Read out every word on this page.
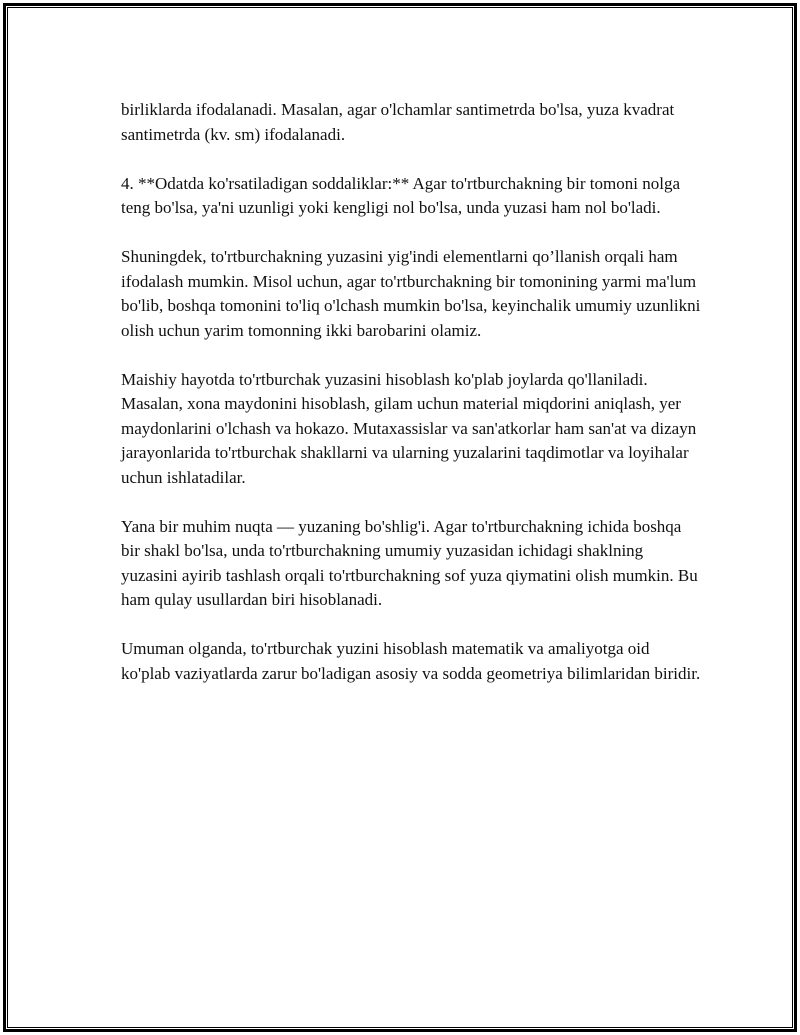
birliklarda ifodalanadi. Masalan, agar o'lchamlar santimetrda bo'lsa, yuza kvadrat santimetrda (kv. sm) ifodalanadi.

4. **Odatda ko'rsatiladigan soddaliklar:** Agar to'rtburchakning bir tomoni nolga teng bo'lsa, ya'ni uzunligi yoki kengligi nol bo'lsa, unda yuzasi ham nol bo'ladi.

Shuningdek, to'rtburchakning yuzasini yig'indi elementlarni qo’llanish orqali ham ifodalash mumkin. Misol uchun, agar to'rtburchakning bir tomonining yarmi ma'lum bo'lib, boshqa tomonini to'liq o'lchash mumkin bo'lsa, keyinchalik umumiy uzunlikni olish uchun yarim tomonning ikki barobarini olamiz.

Maishiy hayotda to'rtburchak yuzasini hisoblash ko'plab joylarda qo'llaniladi. Masalan, xona maydonini hisoblash, gilam uchun material miqdorini aniqlash, yer maydonlarini o'lchash va hokazo. Mutaxassislar va san'atkorlar ham san'at va dizayn jarayonlarida to'rtburchak shakllarni va ularning yuzalarini taqdimotlar va loyihalar uchun ishlatadilar.

Yana bir muhim nuqta — yuzaning bo'shlig'i. Agar to'rtburchakning ichida boshqa bir shakl bo'lsa, unda to'rtburchakning umumiy yuzasidan ichidagi shaklning yuzasini ayirib tashlash orqali to'rtburchakning sof yuza qiymatini olish mumkin. Bu ham qulay usullardan biri hisoblanadi.

Umuman olganda, to'rtburchak yuzini hisoblash matematik va amaliyotga oid ko'plab vaziyatlarda zarur bo'ladigan asosiy va sodda geometriya bilimlaridan biridir.
